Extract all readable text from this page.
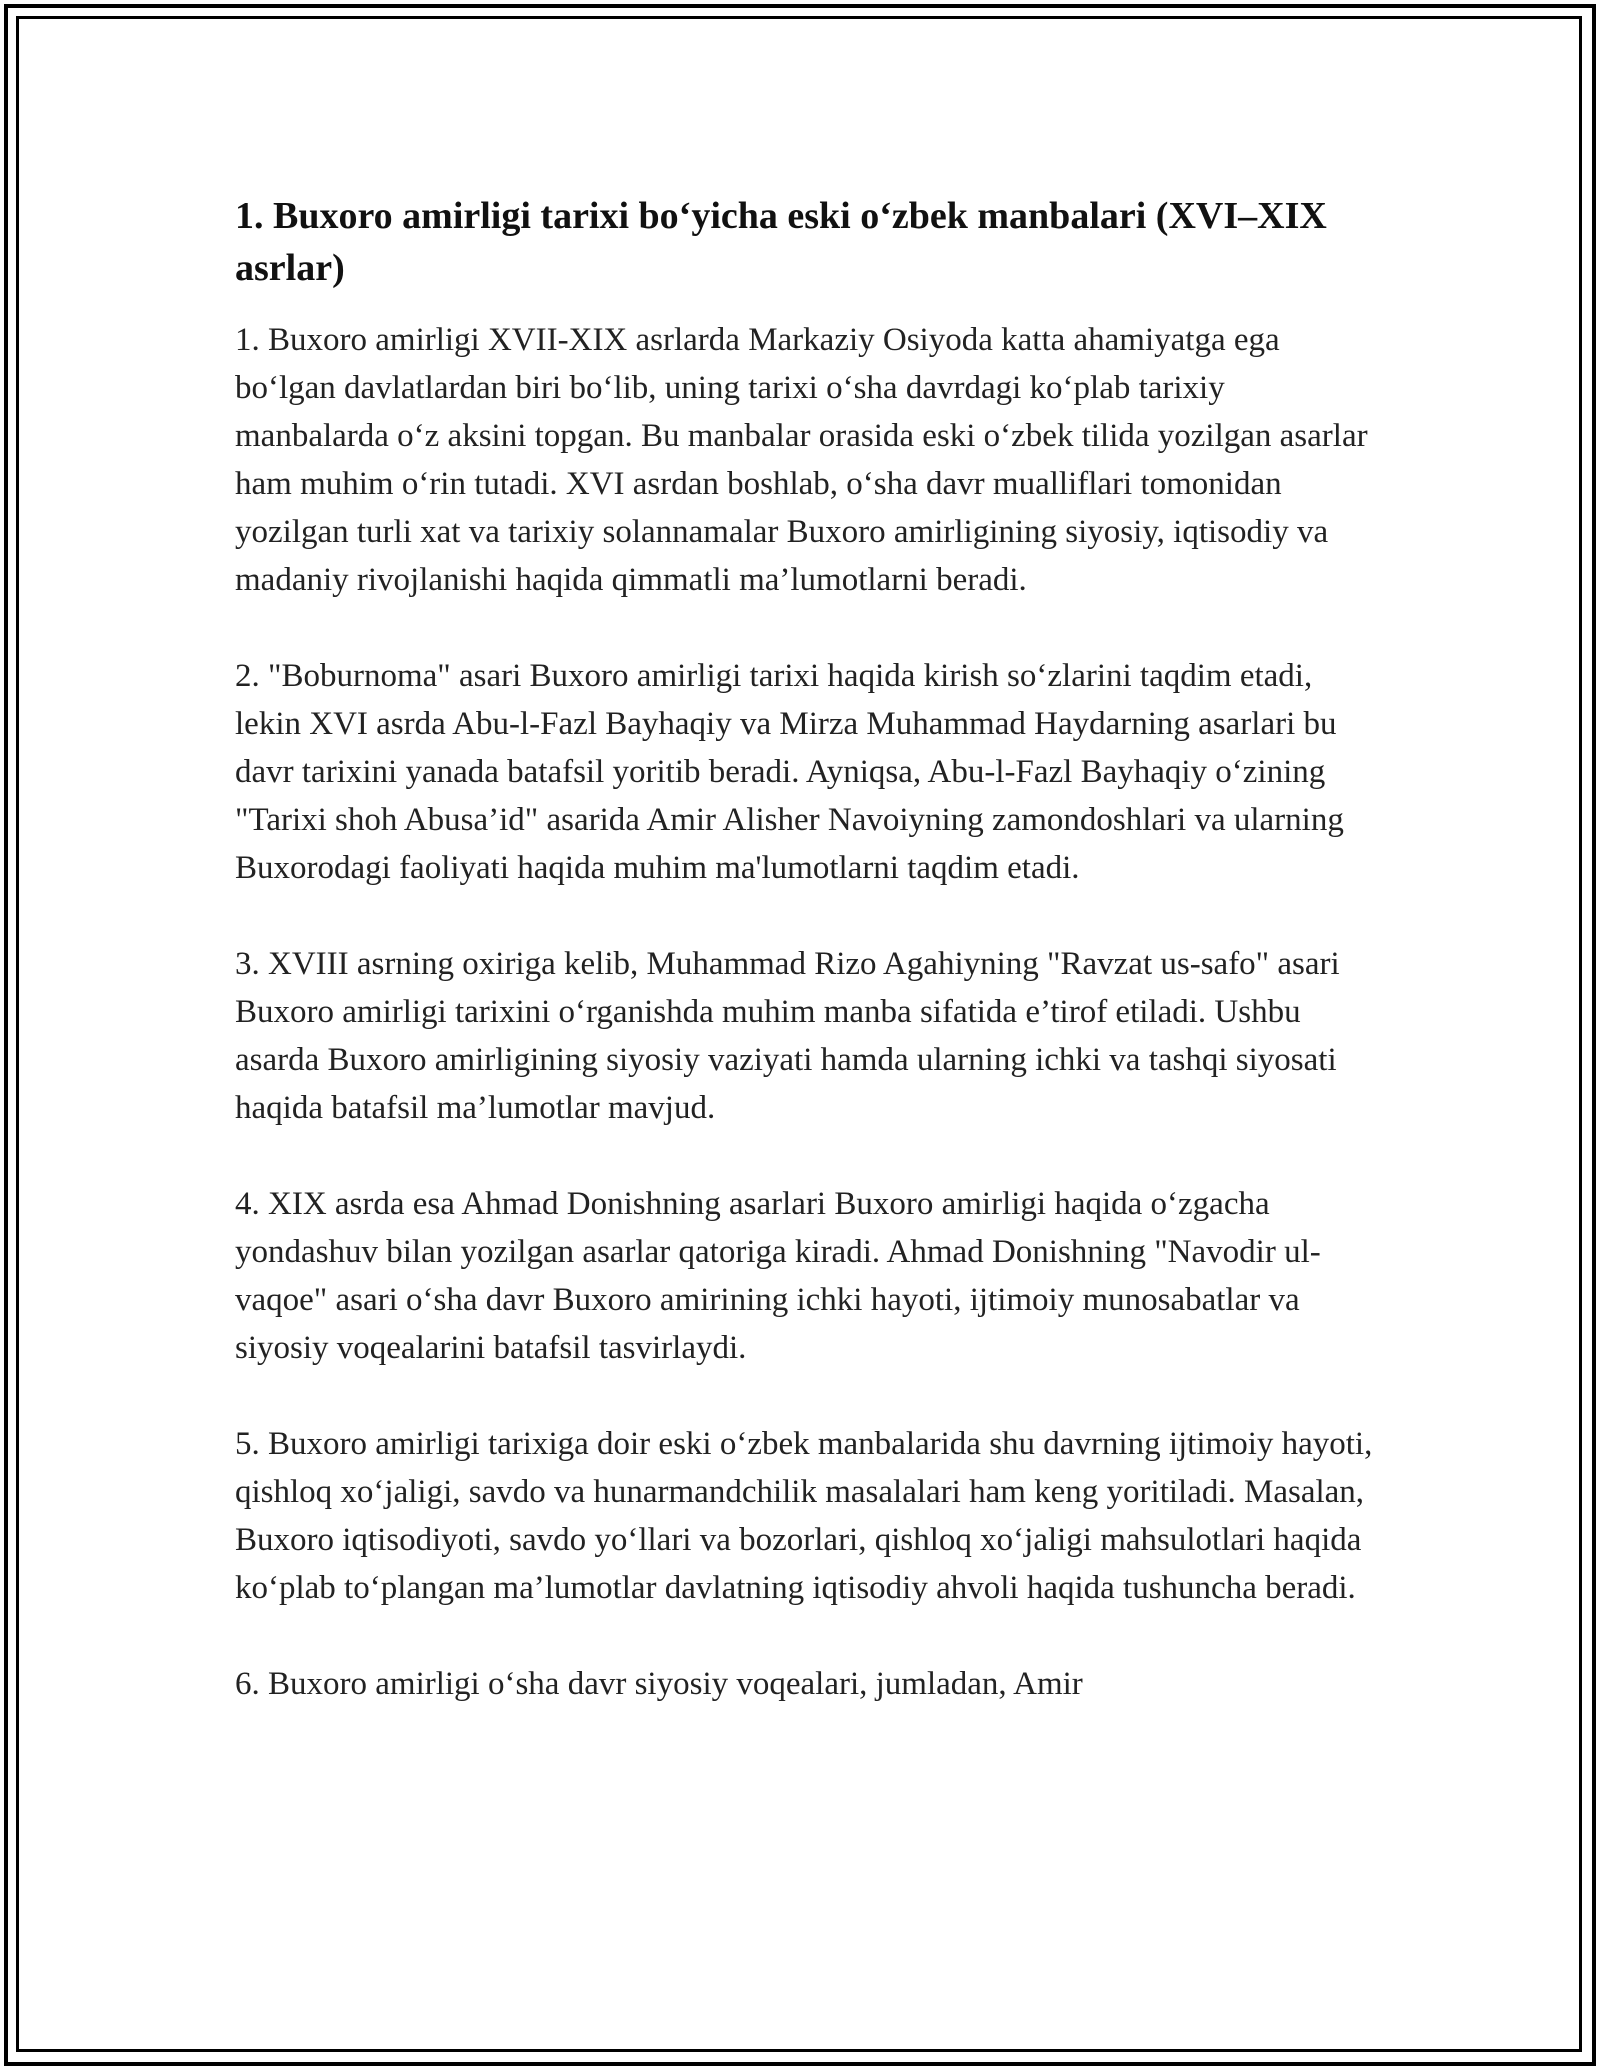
1. Buxoro amirligi tarixi bo‘yicha eski o‘zbek manbalari (XVI–XIX asrlar)

1. Buxoro amirligi XVII-XIX asrlarda Markaziy Osiyoda katta ahamiyatga ega bo‘lgan davlatlardan biri bo‘lib, uning tarixi o‘sha davrdagi ko‘plab tarixiy manbalarda o‘z aksini topgan. Bu manbalar orasida eski o‘zbek tilida yozilgan asarlar ham muhim o‘rin tutadi. XVI asrdan boshlab, o‘sha davr mualliflari tomonidan yozilgan turli xat va tarixiy solannamalar Buxoro amirligining siyosiy, iqtisodiy va madaniy rivojlanishi haqida qimmatli ma’lumotlarni beradi.

2. "Boburnoma" asari Buxoro amirligi tarixi haqida kirish so‘zlarini taqdim etadi, lekin XVI asrda Abu-l-Fazl Bayhaqiy va Mirza Muhammad Haydarning asarlari bu davr tarixini yanada batafsil yoritib beradi. Ayniqsa, Abu-l-Fazl Bayhaqiy o‘zining "Tarixi shoh Abusa’id" asarida Amir Alisher Navoiyning zamondoshlari va ularning Buxorodagi faoliyati haqida muhim ma'lumotlarni taqdim etadi.

3. XVIII asrning oxiriga kelib, Muhammad Rizo Agahiyning "Ravzat us-safo" asari Buxoro amirligi tarixini o‘rganishda muhim manba sifatida e’tirof etiladi. Ushbu asarda Buxoro amirligining siyosiy vaziyati hamda ularning ichki va tashqi siyosati haqida batafsil ma’lumotlar mavjud.

4. XIX asrda esa Ahmad Donishning asarlari Buxoro amirligi haqida o‘zgacha yondashuv bilan yozilgan asarlar qatoriga kiradi. Ahmad Donishning "Navodir ul-vaqoe" asari o‘sha davr Buxoro amirining ichki hayoti, ijtimoiy munosabatlar va siyosiy voqealarini batafsil tasvirlaydi.

5. Buxoro amirligi tarixiga doir eski o‘zbek manbalarida shu davrning ijtimoiy hayoti, qishloq xo‘jaligi, savdo va hunarmandchilik masalalari ham keng yoritiladi. Masalan, Buxoro iqtisodiyoti, savdo yo‘llari va bozorlari, qishloq xo‘jaligi mahsulotlari haqida ko‘plab to‘plangan ma’lumotlar davlatning iqtisodiy ahvoli haqida tushuncha beradi.

6. Buxoro amirligi o‘sha davr siyosiy voqealari, jumladan, Amir
